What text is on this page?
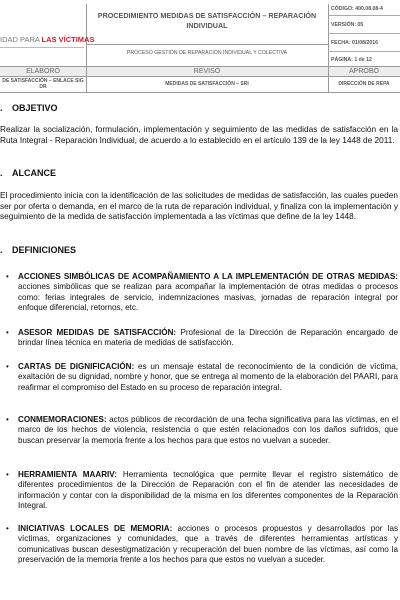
IDAD PARA LAS VÍCTIMAS
PROCEDIMIENTO MEDIDAS DE SATISFACCIÓN – REPARACIÓN INDIVIDUAL
PROCESO GESTIÓN DE REPARACIÓN INDIVIDUAL Y COLECTIVA
CÓDIGO: 400.08.08-4
VERSIÓN: 05
FECHA: 01/08/2016
PÁGINA: 1 de 12
ELABORÓ	REVISÓ	APROBÓ
DE SATISFACCIÓN – ENLACE SIG DR	MEDIDAS DE SATISFACCIÓN – SRI	DIRECCIÓN DE REPA
. OBJETIVO

Realizar la socialización, formulación, implementación y seguimiento de las medidas de satisfacción en la Ruta Integral - Reparación Individual, de acuerdo a lo establecido en el artículo 139 de la ley 1448 de 2011.

. ALCANCE

El procedimiento inicia con la identificación de las solicitudes de medidas de satisfacción, las cuales pueden ser por oferta o demanda, en el marco de la ruta de reparación individual, y finaliza con la implementación y seguimiento de la medida de satisfacción implementada a las víctimas que define de la ley 1448.

. DEFINICIONES
• ACCIONES SIMBÓLICAS DE ACOMPAÑAMIENTO A LA IMPLEMENTACIÓN DE OTRAS MEDIDAS: acciones simbólicas que se realizan para acompañar la implementación de otras medidas o procesos como: ferias integrales de servicio, indemnizaciones masivas, jornadas de reparación integral por enfoque diferencial, retornos, etc.

• ASESOR MEDIDAS DE SATISFACCIÓN: Profesional de la Dirección de Reparación encargado de brindar línea técnica en materia de medidas de satisfacción.

• CARTAS DE DIGNIFICACIÓN: es un mensaje estatal de reconocimiento de la condición de víctima, exaltación de su dignidad, nombre y honor, que se entrega al momento de la elaboración del PAARI, para reafirmar el compromiso del Estado en su proceso de reparación integral.

• CONMEMORACIONES: actos públicos de recordación de una fecha significativa para las víctimas, en el marco de los hechos de violencia, resistencia o que estén relacionados con los daños sufridos, que buscan preservar la memoria frente a los hechos para que estos no vuelvan a suceder.

• HERRAMIENTA MAARIV: Herramienta tecnológica que permite llevar el registro sistemático de diferentes procedimientos de la Dirección de Reparación con el fin de atender las necesidades de información y contar con la disponibilidad de la misma en los diferentes componentes de la Reparación Integral.

• INICIATIVAS LOCALES DE MEMORIA: acciones o procesos propuestos y desarrollados por las víctimas, organizaciones y comunidades, que a través de diferentes herramientas artísticas y comunicativas buscan desestigmatización y recuperación del buen nombre de las víctimas, así como la preservación de la memoria frente a los hechos para que estos no vuelvan a suceder.
